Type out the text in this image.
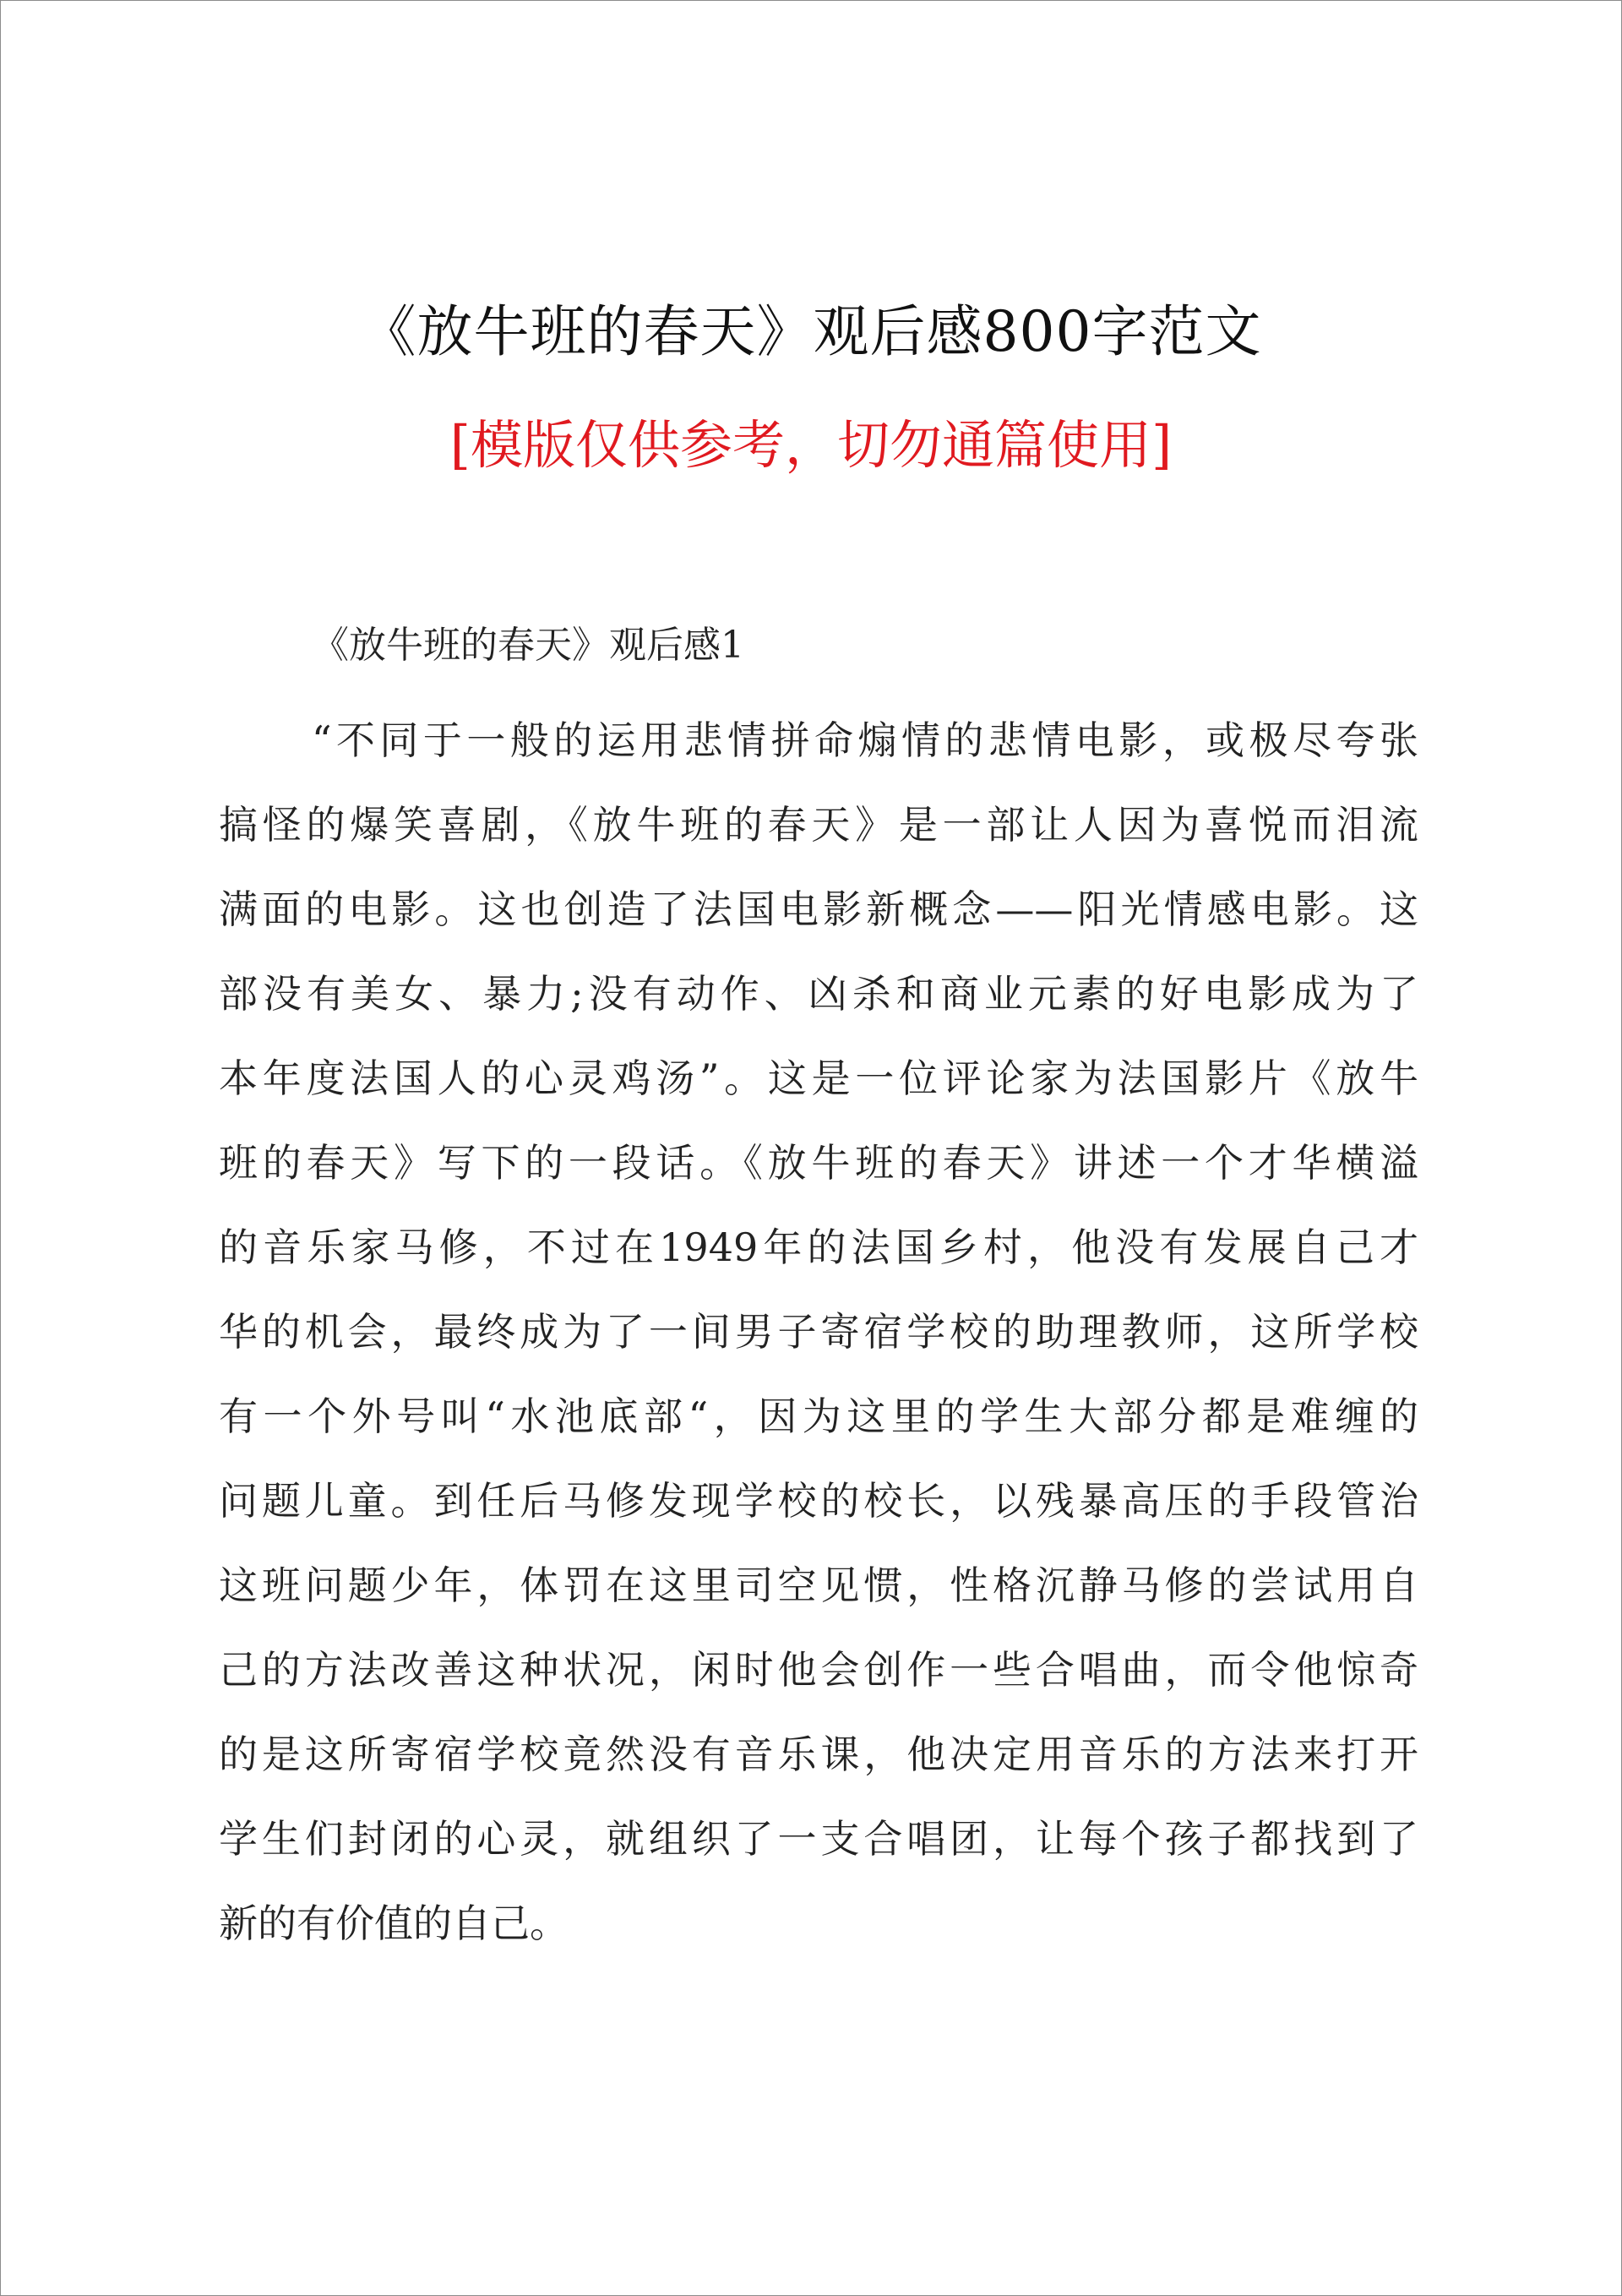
《放牛班的春天》观后感800字范文
[模版仅供参考，切勿通篇使用]
《放牛班的春天》观后感1
“不同于一般的运用悲情拼命煽情的悲情电影，或极尽夸张
搞怪的爆笑喜剧，《放牛班的春天》是一部让人因为喜悦而泪流
满面的电影。这也创造了法国电影新概念——阳光情感电影。这
部没有美女、暴力;没有动作、凶杀和商业元素的好电影成为了
本年度法国人的心灵鸡汤”。这是一位评论家为法国影片《放牛
班的春天》写下的一段话。《放牛班的春天》讲述一个才华横溢
的音乐家马修，不过在1949年的法国乡村，他没有发展自己才
华的机会，最终成为了一间男子寄宿学校的助理教师，这所学校
有一个外号叫“水池底部“，因为这里的学生大部分都是难缠的
问题儿童。到任后马修发现学校的校长，以残暴高压的手段管治
这班问题少年，体罚在这里司空见惯，性格沉静马修的尝试用自
己的方法改善这种状况，闲时他会创作一些合唱曲，而令他惊奇
的是这所寄宿学校竟然没有音乐课，他决定用音乐的方法来打开
学生们封闭的心灵，就组织了一支合唱团，让每个孩子都找到了
新的有价值的自己。
